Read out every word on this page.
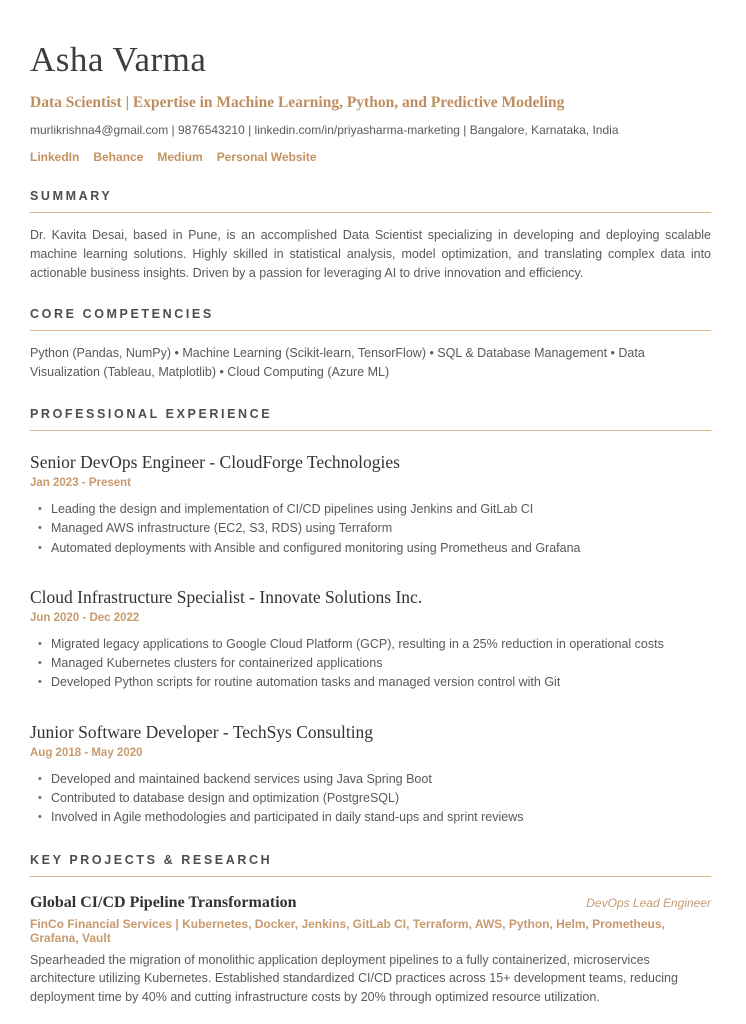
Asha Varma
Data Scientist | Expertise in Machine Learning, Python, and Predictive Modeling
murlikrishna4@gmail.com | 9876543210 | linkedin.com/in/priyasharma-marketing | Bangalore, Karnataka, India
LinkedIn Behance Medium Personal Website
SUMMARY

Dr. Kavita Desai, based in Pune, is an accomplished Data Scientist specializing in developing and deploying scalable machine learning solutions. Highly skilled in statistical analysis, model optimization, and translating complex data into actionable business insights. Driven by a passion for leveraging AI to drive innovation and efficiency.

CORE COMPETENCIES

Python (Pandas, NumPy) • Machine Learning (Scikit-learn, TensorFlow) • SQL & Database Management • Data Visualization (Tableau, Matplotlib) • Cloud Computing (Azure ML)

PROFESSIONAL EXPERIENCE
Senior DevOps Engineer - CloudForge Technologies
Jan 2023 - Present
• Leading the design and implementation of CI/CD pipelines using Jenkins and GitLab CI
• Managed AWS infrastructure (EC2, S3, RDS) using Terraform
• Automated deployments with Ansible and configured monitoring using Prometheus and Grafana
Cloud Infrastructure Specialist - Innovate Solutions Inc.
Jun 2020 - Dec 2022
• Migrated legacy applications to Google Cloud Platform (GCP), resulting in a 25% reduction in operational costs
• Managed Kubernetes clusters for containerized applications
• Developed Python scripts for routine automation tasks and managed version control with Git
Junior Software Developer - TechSys Consulting
Aug 2018 - May 2020
• Developed and maintained backend services using Java Spring Boot
• Contributed to database design and optimization (PostgreSQL)
• Involved in Agile methodologies and participated in daily stand-ups and sprint reviews
KEY PROJECTS & RESEARCH
Global CI/CD Pipeline Transformation	DevOps Lead Engineer
FinCo Financial Services | Kubernetes, Docker, Jenkins, GitLab CI, Terraform, AWS, Python, Helm, Prometheus, Grafana, Vault

Spearheaded the migration of monolithic application deployment pipelines to a fully containerized, microservices architecture utilizing Kubernetes. Established standardized CI/CD practices across 15+ development teams, reducing deployment time by 40% and cutting infrastructure costs by 20% through optimized resource utilization.
